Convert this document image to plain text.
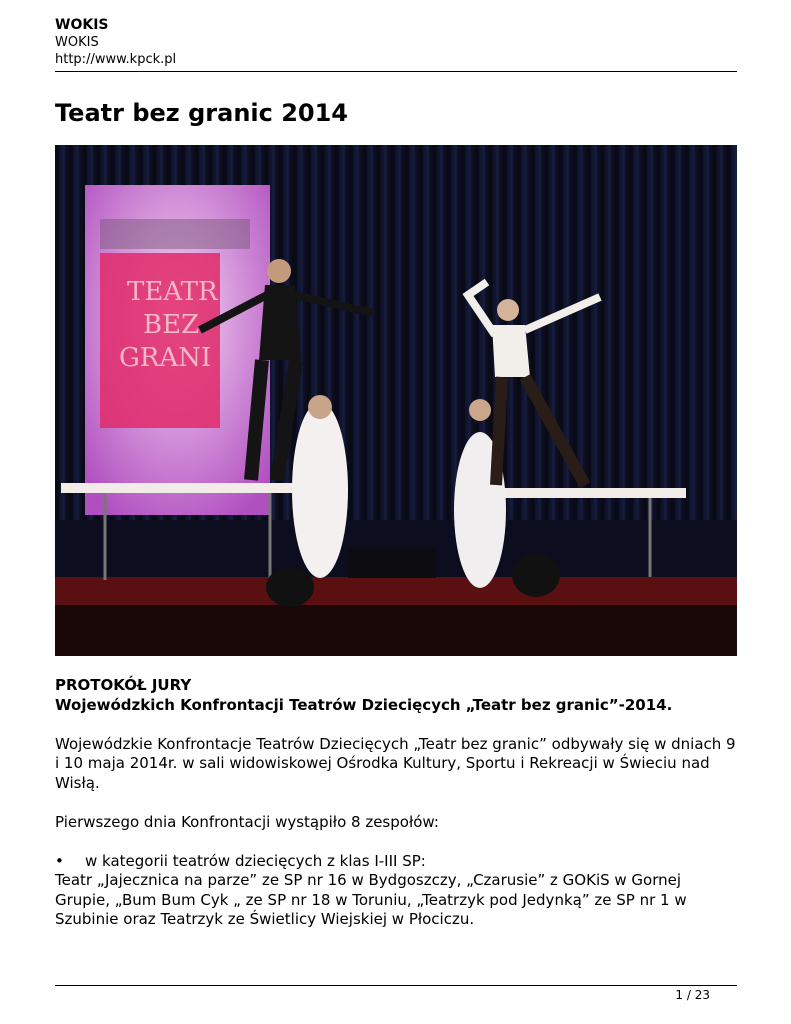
WOKIS
WOKIS
http://www.kpck.pl
Teatr bez granic 2014
TEATR
BEZ
GRANI

PROTOKÓŁ JURY

Wojewódzkich Konfrontacji Teatrów Dziecięcych „Teatr bez granic”-2014.

Wojewódzkie Konfrontacje Teatrów Dziecięcych „Teatr bez granic” odbywały się w dniach 9 i 10 maja 2014r. w sali widowiskowej Ośrodka Kultury, Sportu i Rekreacji w Świeciu nad Wisłą.

Pierwszego dnia Konfrontacji wystąpiło 8 zespołów:

•	w kategorii teatrów dziecięcych z klas I-III SP:

Teatr „Jajecznica na parze” ze SP nr 16 w Bydgoszczy, „Czarusie” z GOKiS w Gornej Grupie, „Bum Bum Cyk „ ze SP nr 18 w Toruniu, „Teatrzyk pod Jedynką” ze SP nr 1 w Szubinie oraz Teatrzyk ze Świetlicy Wiejskiej w Płociczu.

1 / 23
